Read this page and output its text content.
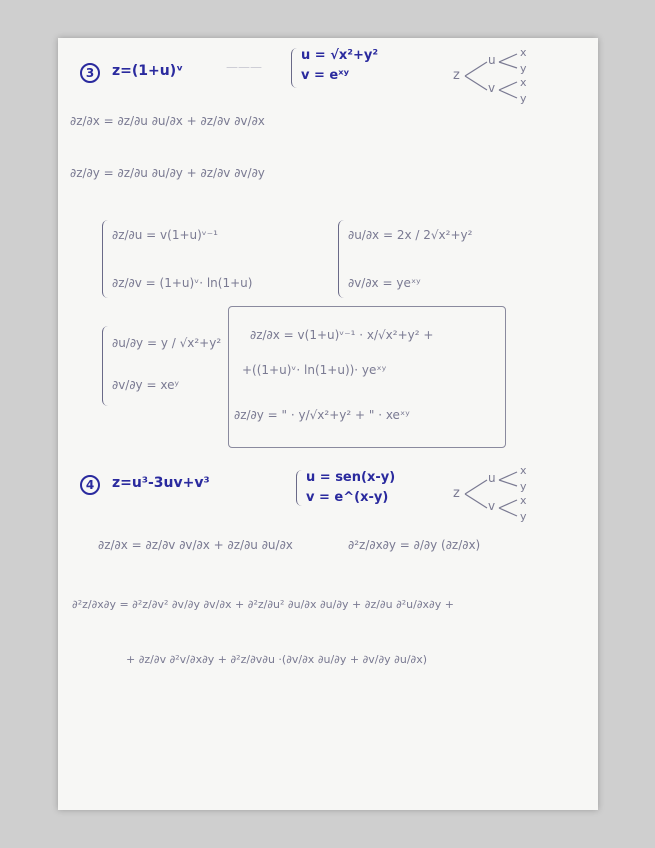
3	z=(1+u)ᵛ
u = √x²+y²
v = eˣʸ
———
z
u
v
x
y
x
y
∂z/∂x = ∂z/∂u ∂u/∂x + ∂z/∂v ∂v/∂x
∂z/∂y = ∂z/∂u ∂u/∂y + ∂z/∂v ∂v/∂y
∂z/∂u = v(1+u)ᵛ⁻¹
∂z/∂v = (1+u)ᵛ· ln(1+u)
∂u/∂x = 2x / 2√x²+y²
∂v/∂x = yeˣʸ
∂u/∂y = y / √x²+y²
∂v/∂y = xeʸ
∂z/∂x = v(1+u)ᵛ⁻¹ · x/√x²+y² +
+((1+u)ᵛ· ln(1+u))· yeˣʸ
∂z/∂y = " · y/√x²+y² + " · xeˣʸ
4	z=u³-3uv+v³	u = sen(x-y)
v = e^(x-y)	z
u
v
x
y
x
y
∂z/∂x = ∂z/∂v ∂v/∂x + ∂z/∂u ∂u/∂x	∂²z/∂x∂y = ∂/∂y (∂z/∂x)
∂²z/∂x∂y = ∂²z/∂v² ∂v/∂y ∂v/∂x + ∂²z/∂u² ∂u/∂x ∂u/∂y + ∂z/∂u ∂²u/∂x∂y +
+ ∂z/∂v ∂²v/∂x∂y + ∂²z/∂v∂u ·(∂v/∂x ∂u/∂y + ∂v/∂y ∂u/∂x)
